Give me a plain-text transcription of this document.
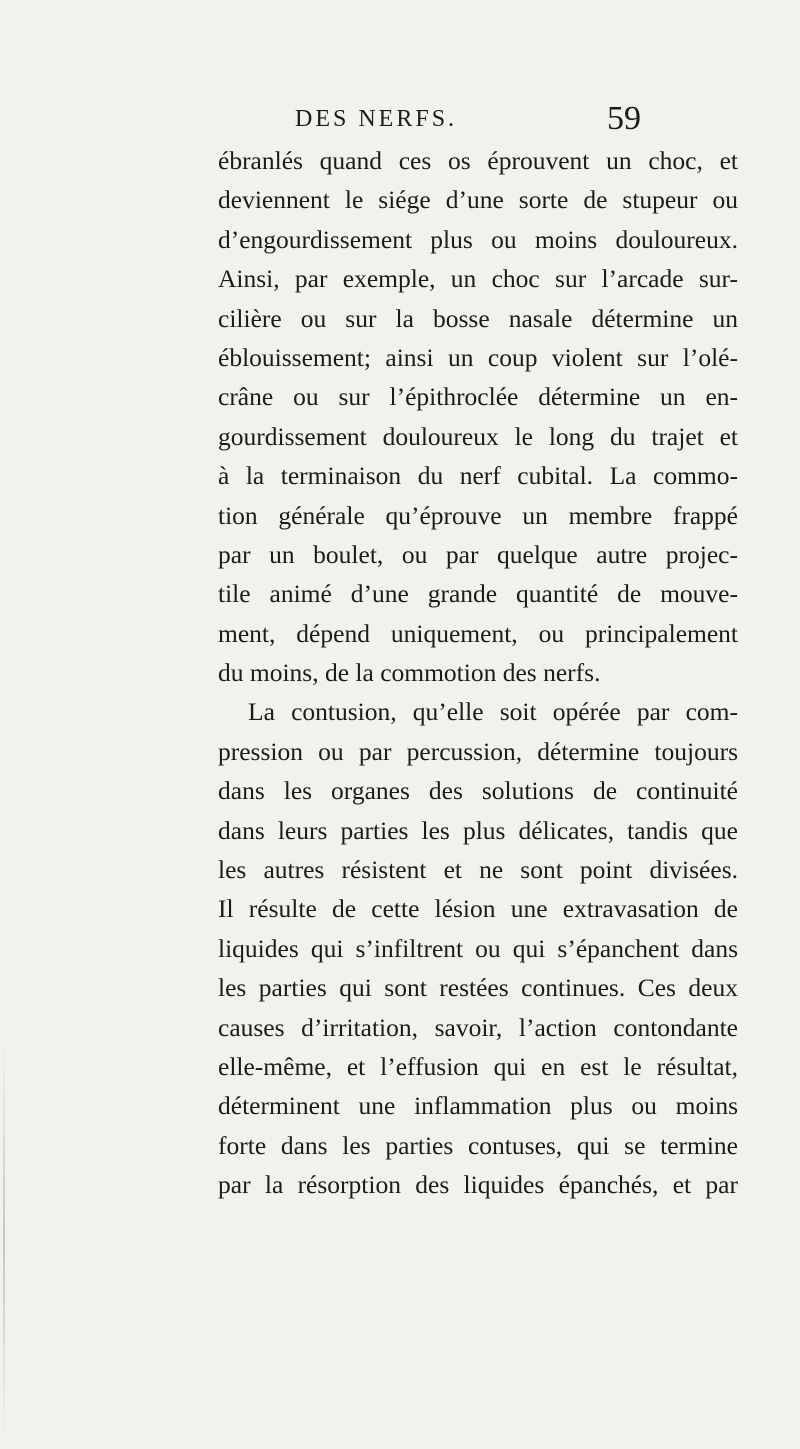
DES NERFS.	59
ébranlés quand ces os éprouvent un choc, et
deviennent le siége d’une sorte de stupeur ou
d’engourdissement plus ou moins douloureux.
Ainsi, par exemple, un choc sur l’arcade sur-
cilière ou sur la bosse nasale détermine un
éblouissement; ainsi un coup violent sur l’olé-
crâne ou sur l’épithroclée détermine un en-
gourdissement douloureux le long du trajet et
à la terminaison du nerf cubital. La commo-
tion générale qu’éprouve un membre frappé
par un boulet, ou par quelque autre projec-
tile animé d’une grande quantité de mouve-
ment, dépend uniquement, ou principalement
du moins, de la commotion des nerfs.
La contusion, qu’elle soit opérée par com-
pression ou par percussion, détermine toujours
dans les organes des solutions de continuité
dans leurs parties les plus délicates, tandis que
les autres résistent et ne sont point divisées.
Il résulte de cette lésion une extravasation de
liquides qui s’infiltrent ou qui s’épanchent dans
les parties qui sont restées continues. Ces deux
causes d’irritation, savoir, l’action contondante
elle-même, et l’effusion qui en est le résultat,
déterminent une inflammation plus ou moins
forte dans les parties contuses, qui se termine
par la résorption des liquides épanchés, et par
